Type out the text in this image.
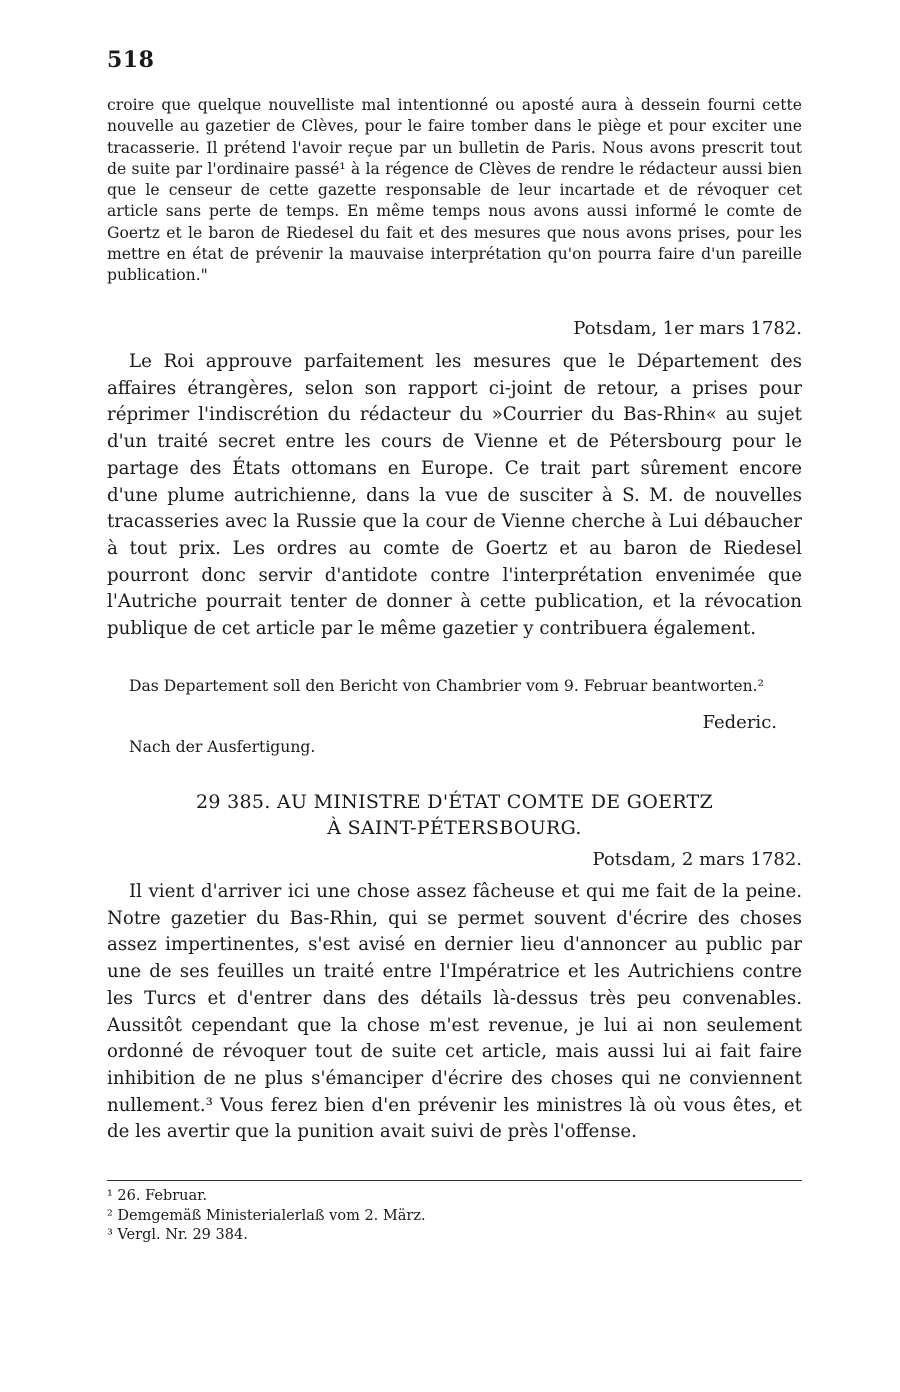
518

croire que quelque nouvelliste mal intentionné ou aposté aura à dessein fourni cette nouvelle au gazetier de Clèves, pour le faire tomber dans le piège et pour exciter une tracasserie. Il prétend l'avoir reçue par un bulletin de Paris. Nous avons prescrit tout de suite par l'ordinaire passé¹ à la régence de Clèves de rendre le rédacteur aussi bien que le censeur de cette gazette responsable de leur incartade et de révoquer cet article sans perte de temps. En même temps nous avons aussi informé le comte de Goertz et le baron de Riedesel du fait et des mesures que nous avons prises, pour les mettre en état de prévenir la mauvaise interprétation qu'on pourra faire d'un pareille publication."

Potsdam, 1er mars 1782.

Le Roi approuve parfaitement les mesures que le Département des affaires étrangères, selon son rapport ci-joint de retour, a prises pour réprimer l'indiscrétion du rédacteur du »Courrier du Bas-Rhin« au sujet d'un traité secret entre les cours de Vienne et de Pétersbourg pour le partage des États ottomans en Europe. Ce trait part sûrement encore d'une plume autrichienne, dans la vue de susciter à S. M. de nouvelles tracasseries avec la Russie que la cour de Vienne cherche à Lui débaucher à tout prix. Les ordres au comte de Goertz et au baron de Riedesel pourront donc servir d'antidote contre l'interprétation envenimée que l'Autriche pourrait tenter de donner à cette publication, et la révocation publique de cet article par le même gazetier y contribuera également.

Das Departement soll den Bericht von Chambrier vom 9. Februar beantworten.²

Federic.
Nach der Ausfertigung.
29 385. AU MINISTRE D'ÉTAT COMTE DE GOERTZ
À SAINT-PÉTERSBOURG.
Potsdam, 2 mars 1782.

Il vient d'arriver ici une chose assez fâcheuse et qui me fait de la peine. Notre gazetier du Bas-Rhin, qui se permet souvent d'écrire des choses assez impertinentes, s'est avisé en dernier lieu d'annoncer au public par une de ses feuilles un traité entre l'Impératrice et les Autrichiens contre les Turcs et d'entrer dans des détails là-dessus très peu convenables. Aussitôt cependant que la chose m'est revenue, je lui ai non seulement ordonné de révoquer tout de suite cet article, mais aussi lui ai fait faire inhibition de ne plus s'émanciper d'écrire des choses qui ne conviennent nullement.³ Vous ferez bien d'en prévenir les ministres là où vous êtes, et de les avertir que la punition avait suivi de près l'offense.

¹ 26. Februar.
² Demgemäß Ministerialerlaß vom 2. März.
³ Vergl. Nr. 29 384.
